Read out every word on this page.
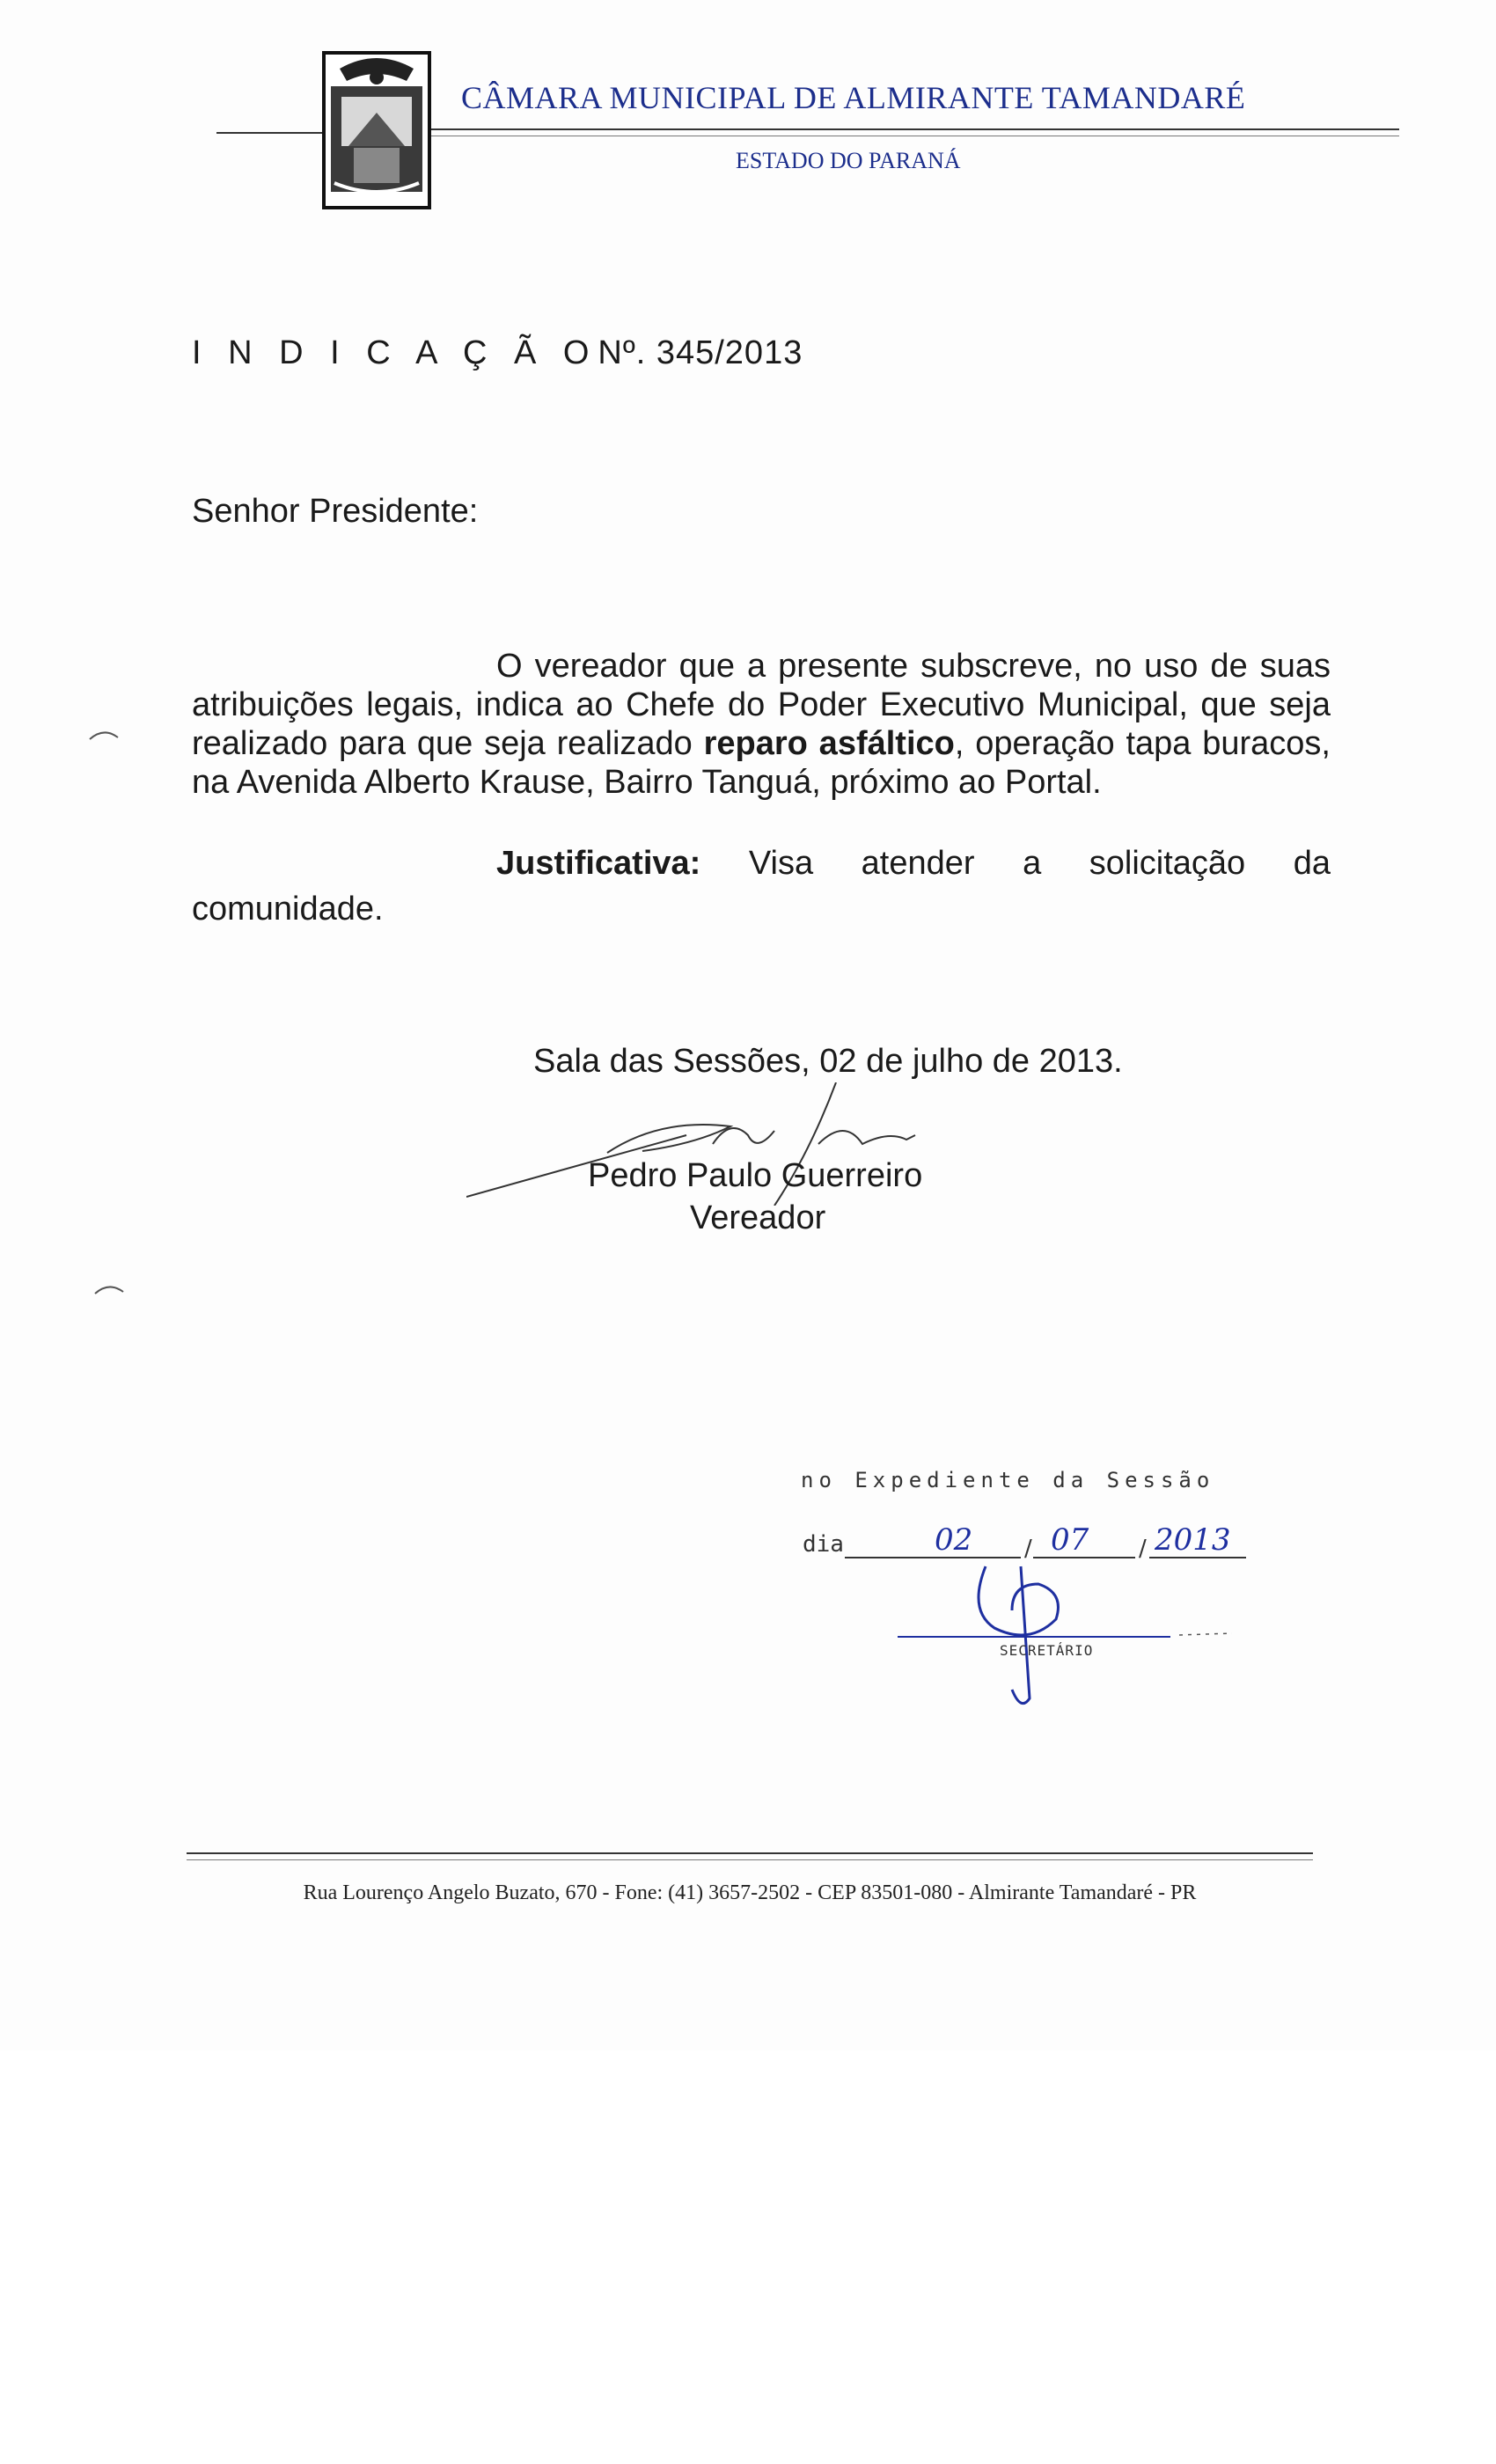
CÂMARA MUNICIPAL DE ALMIRANTE TAMANDARÉ
ESTADO DO PARANÁ
I N D I C A Ç Ã ONº. 345/2013
Senhor Presidente:
O vereador que a presente subscreve, no uso de suas atribuições legais, indica ao Chefe do Poder Executivo Municipal, que seja realizado para que seja realizado reparo asfáltico, operação tapa buracos, na Avenida Alberto Krause, Bairro Tanguá, próximo ao Portal.
Justificativa: Visa atender a solicitação da comunidade.
Sala das Sessões, 02 de julho de 2013.
Pedro Paulo Guerreiro
Vereador
no Expediente da Sessão
dia	02	07 2013
/	/
SECRETÁRIO
Rua Lourenço Angelo Buzato, 670 - Fone: (41) 3657-2502 - CEP 83501-080 - Almirante Tamandaré - PR
